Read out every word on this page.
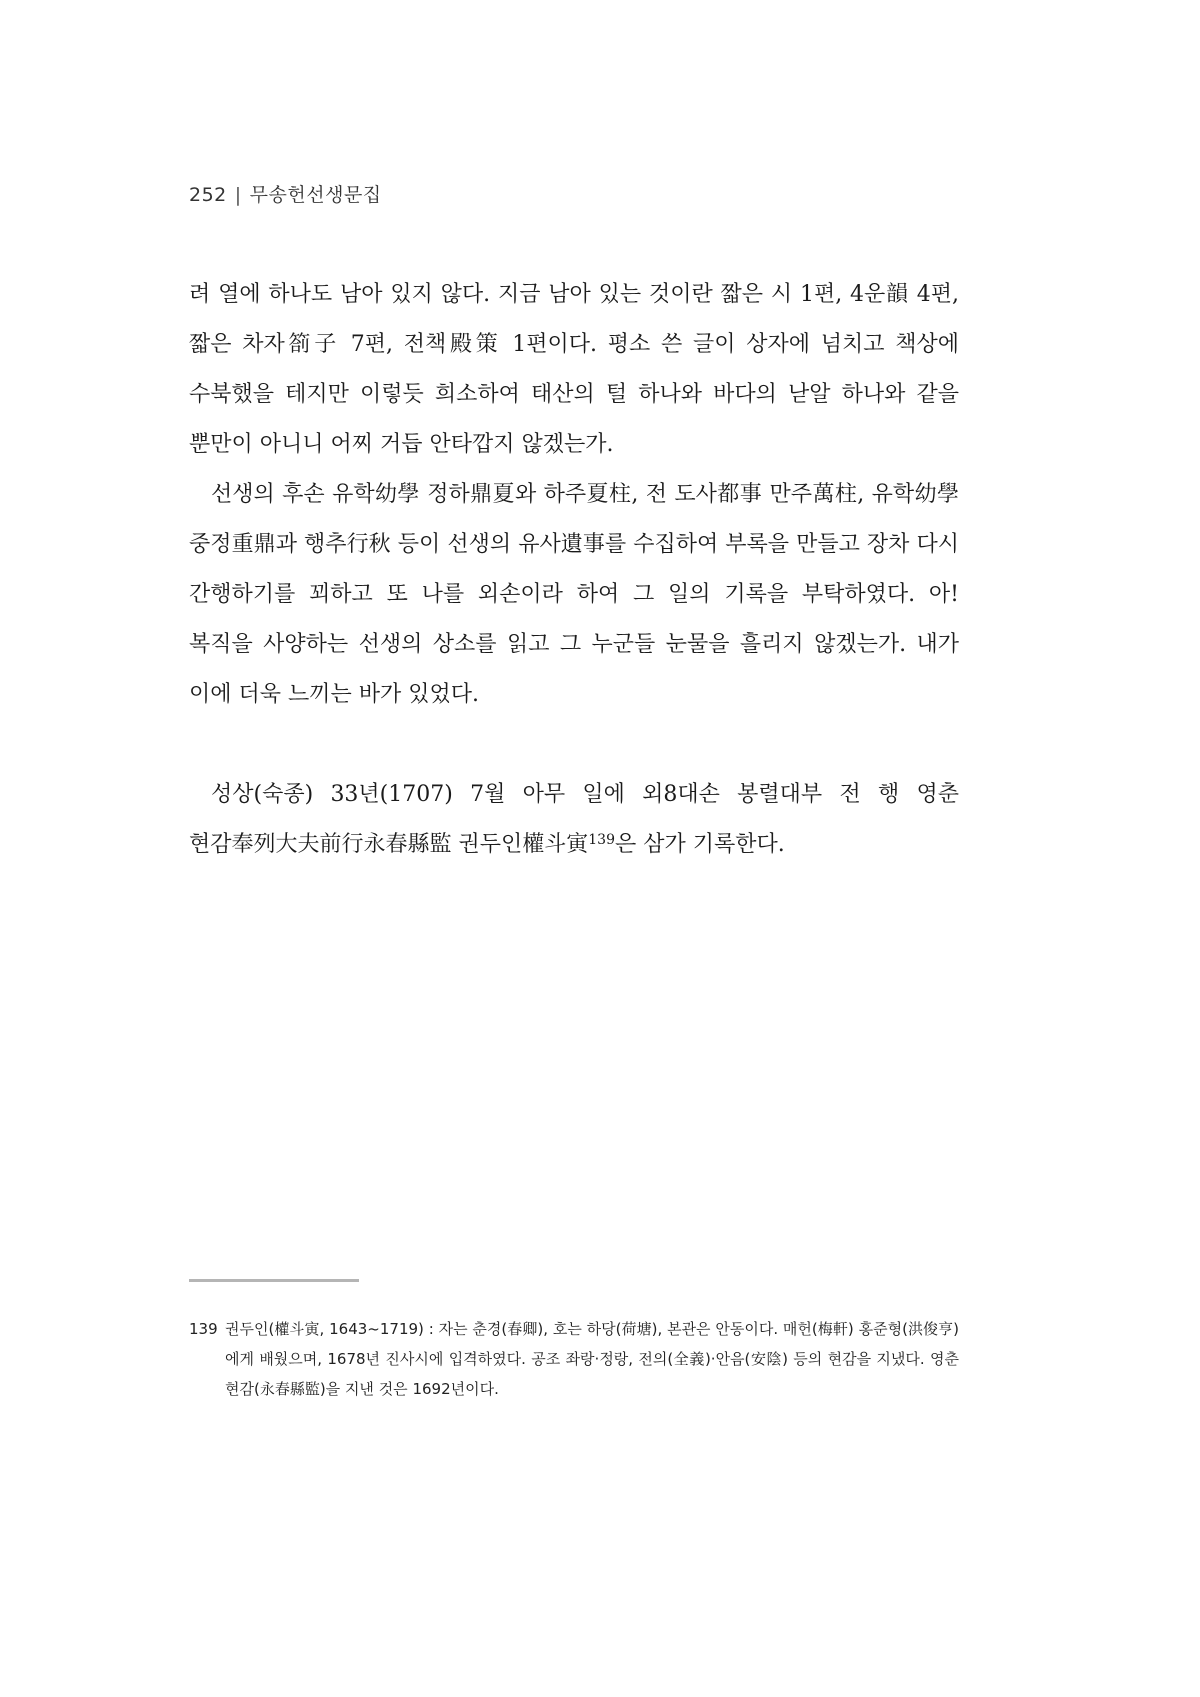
252 | 무송헌선생문집

려 열에 하나도 남아 있지 않다. 지금 남아 있는 것이란 짧은 시 1편, 4운韻 4편, 짧은 차자箚子 7편, 전책殿策 1편이다. 평소 쓴 글이 상자에 넘치고 책상에 수북했을 테지만 이렇듯 희소하여 태산의 털 하나와 바다의 낟알 하나와 같을 뿐만이 아니니 어찌 거듭 안타깝지 않겠는가.

선생의 후손 유학幼學 정하鼎夏와 하주夏柱, 전 도사都事 만주萬柱, 유학幼學 중정重鼎과 행추行秋 등이 선생의 유사遺事를 수집하여 부록을 만들고 장차 다시 간행하기를 꾀하고 또 나를 외손이라 하여 그 일의 기록을 부탁하였다. 아! 복직을 사양하는 선생의 상소를 읽고 그 누군들 눈물을 흘리지 않겠는가. 내가 이에 더욱 느끼는 바가 있었다.

성상(숙종) 33년(1707) 7월 아무 일에 외8대손 봉렬대부 전 행 영춘 현감奉列大夫前行永春縣監 권두인權斗寅$^{139}$은 삼가 기록한다.

139 권두인(權斗寅, 1643~1719) : 자는 춘경(春卿), 호는 하당(荷塘), 본관은 안동이다. 매헌(梅軒) 홍준형(洪俊亨)에게 배웠으며, 1678년 진사시에 입격하였다. 공조 좌랑·정랑, 전의(全義)·안음(安陰) 등의 현감을 지냈다. 영춘 현감(永春縣監)을 지낸 것은 1692년이다.
